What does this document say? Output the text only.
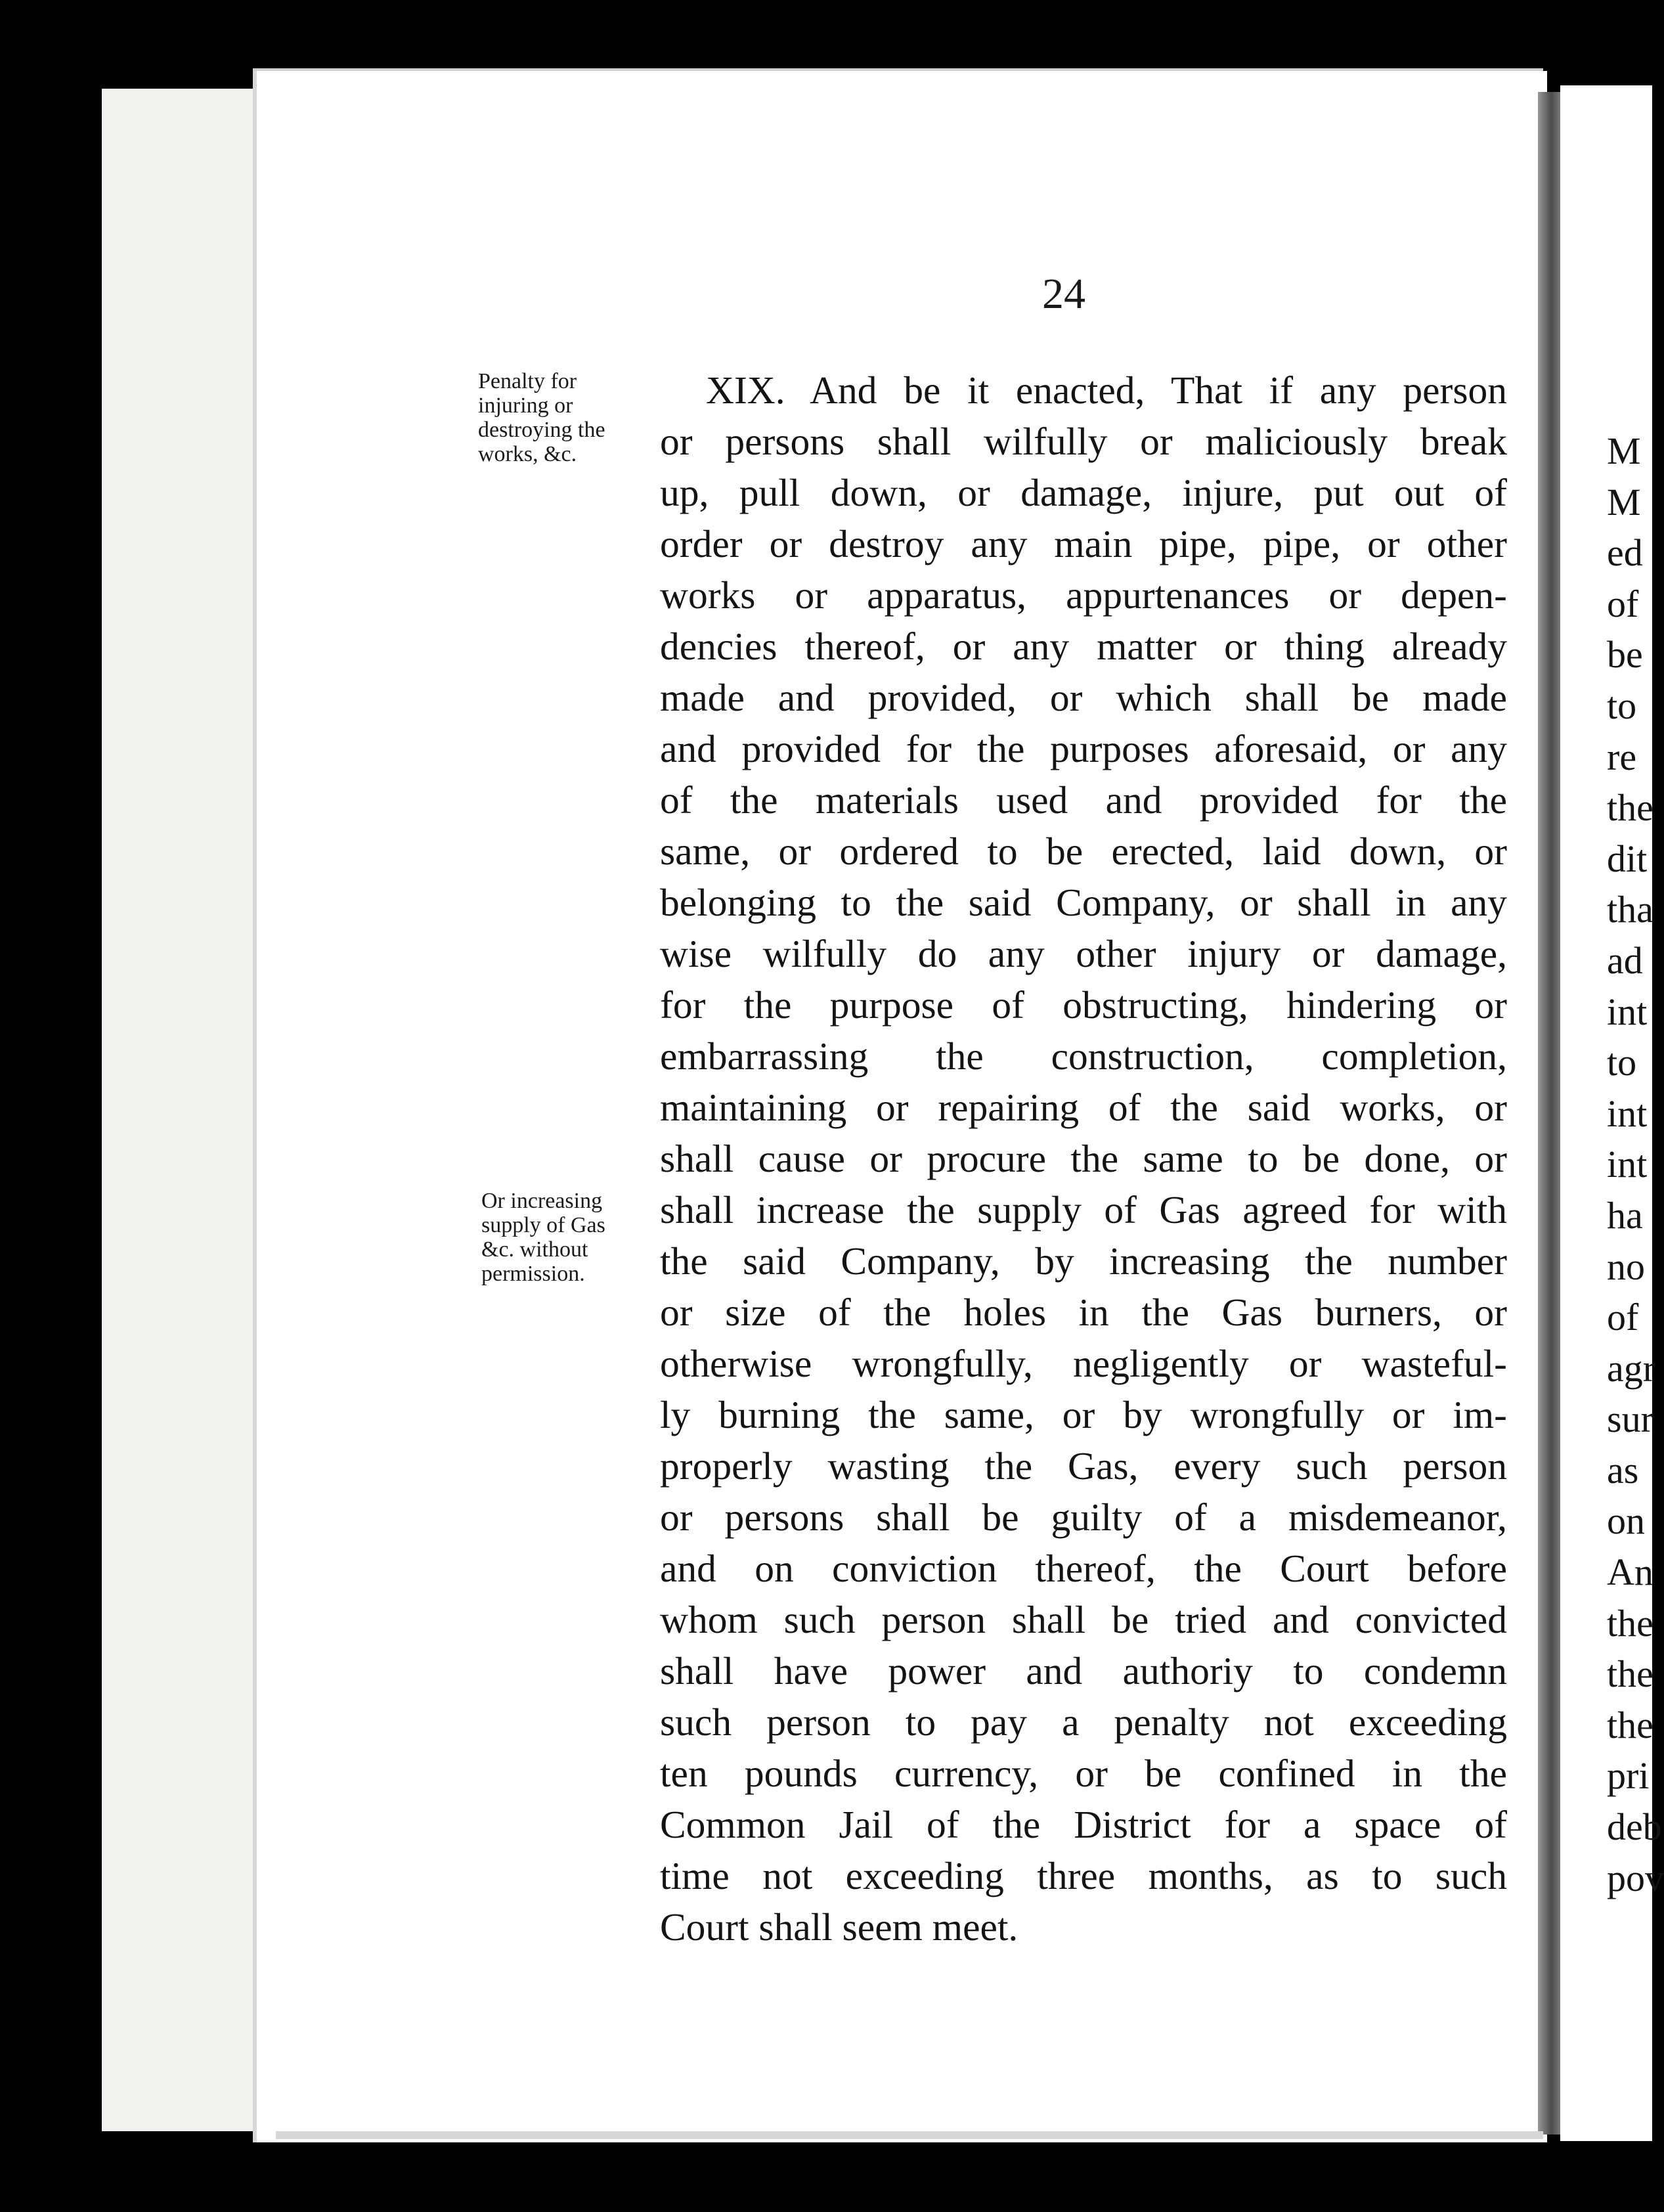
24
Penalty for
injuring or
destroying the
works, &c.
Or increasing
supply of Gas
&c. without
permission.
XIX. And be it enacted, That if any person
or persons shall wilfully or maliciously break
up, pull down, or damage, injure, put out of
order or destroy any main pipe, pipe, or other
works or apparatus, appurtenances or depen-
dencies thereof, or any matter or thing already
made and provided, or which shall be made
and provided for the purposes aforesaid, or any
of the materials used and provided for the
same, or ordered to be erected, laid down, or
belonging to the said Company, or shall in any
wise wilfully do any other injury or damage,
for the purpose of obstructing, hindering or
embarrassing the construction, completion,
maintaining or repairing of the said works, or
shall cause or procure the same to be done, or
shall increase the supply of Gas agreed for with
the said Company, by increasing the number
or size of the holes in the Gas burners, or
otherwise wrongfully, negligently or wasteful-
ly burning the same, or by wrongfully or im-
properly wasting the Gas, every such person
or persons shall be guilty of a misdemeanor,
and on conviction thereof, the Court before
whom such person shall be tried and convicted
shall have power and authoriy to condemn
such person to pay a penalty not exceeding
ten pounds currency, or be confined in the
Common Jail of the District for a space of
time not exceeding three months, as to such
Court shall seem meet.
M
M
ed
of
be
to
re
the
dit
tha
ad
int
to
int
int
ha
no
of
agr
sur
as
on
An
the
the
the
pri
deb
pov
